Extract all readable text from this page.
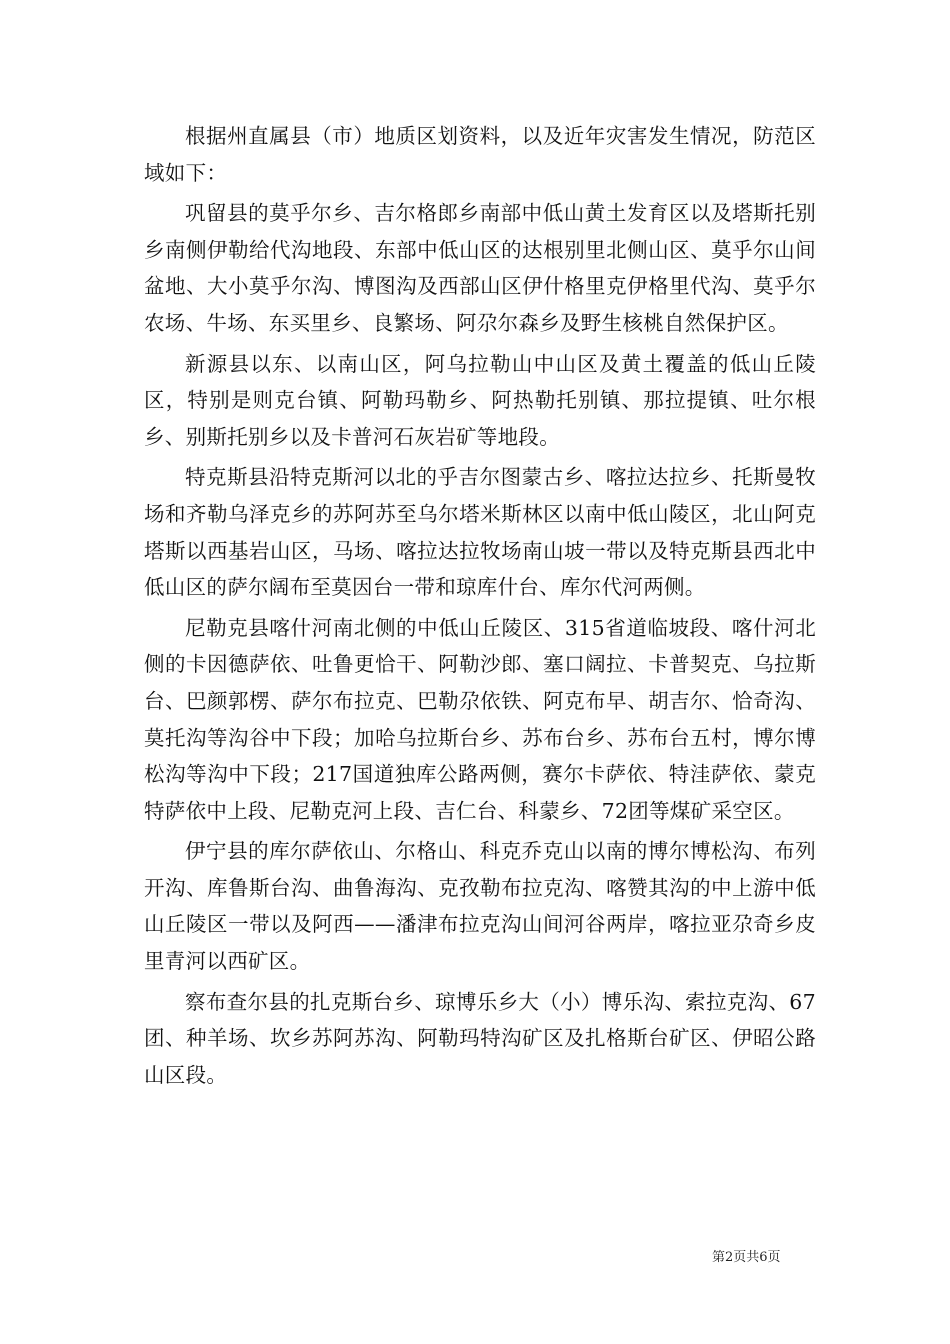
根据州直属县（市）地质区划资料，以及近年灾害发生情况，防范区域如下：

巩留县的莫乎尔乡、吉尔格郎乡南部中低山黄土发育区以及塔斯托别乡南侧伊勒给代沟地段、东部中低山区的达根别里北侧山区、莫乎尔山间盆地、大小莫乎尔沟、博图沟及西部山区伊什格里克伊格里代沟、莫乎尔农场、牛场、东买里乡、良繁场、阿尕尔森乡及野生核桃自然保护区。

新源县以东、以南山区，阿乌拉勒山中山区及黄土覆盖的低山丘陵区，特别是则克台镇、阿勒玛勒乡、阿热勒托别镇、那拉提镇、吐尔根乡、别斯托别乡以及卡普河石灰岩矿等地段。

特克斯县沿特克斯河以北的乎吉尔图蒙古乡、喀拉达拉乡、托斯曼牧场和齐勒乌泽克乡的苏阿苏至乌尔塔米斯林区以南中低山陵区，北山阿克塔斯以西基岩山区，马场、喀拉达拉牧场南山坡一带以及特克斯县西北中低山区的萨尔阔布至莫因台一带和琼库什台、库尔代河两侧。

尼勒克县喀什河南北侧的中低山丘陵区、315省道临坡段、喀什河北侧的卡因德萨依、吐鲁更恰干、阿勒沙郎、塞口阔拉、卡普契克、乌拉斯台、巴颜郭楞、萨尔布拉克、巴勒尕依铁、阿克布早、胡吉尔、恰奇沟、莫托沟等沟谷中下段；加哈乌拉斯台乡、苏布台乡、苏布台五村，博尔博松沟等沟中下段；217国道独库公路两侧，赛尔卡萨依、特洼萨依、蒙克特萨依中上段、尼勒克河上段、吉仁台、科蒙乡、72团等煤矿采空区。

伊宁县的库尔萨依山、尔格山、科克乔克山以南的博尔博松沟、布列开沟、库鲁斯台沟、曲鲁海沟、克孜勒布拉克沟、喀赞其沟的中上游中低山丘陵区一带以及阿西——潘津布拉克沟山间河谷两岸，喀拉亚尕奇乡皮里青河以西矿区。

察布查尔县的扎克斯台乡、琼博乐乡大（小）博乐沟、索拉克沟、67团、种羊场、坎乡苏阿苏沟、阿勒玛特沟矿区及扎格斯台矿区、伊昭公路山区段。

第2页共6页
